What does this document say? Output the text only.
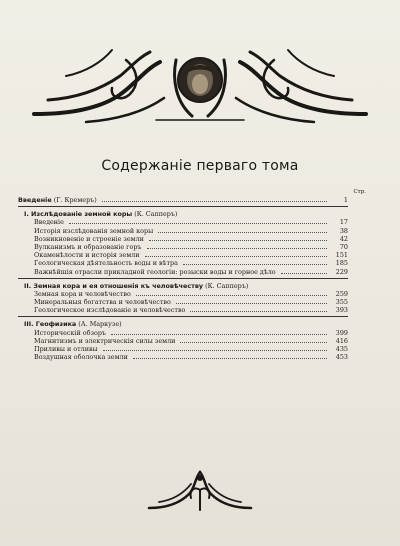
Содержаніе перваго тома
Стр.
Введеніе (Г. Кремеръ)	1
I. Изслѣдованіе земной коры (К. Сапперъ)
Введеніе	17
Исторія изслѣдованія земной коры	38
Возникновеніе и строеніе земли	42
Вулканизмъ и образованіе горъ	70
Окаменѣлости и исторія земли	151
Геологическая дѣятельность воды и вѣтра	185
Важнѣйшія отрасли прикладной геологіи: розыски воды и горное дѣло	229
II. Земная кора и ея отношенія къ человѣчеству (К. Сапперъ)
Земная кора и человѣчество	259
Минеральныя богатства и человѣчество	355
Геологическое изслѣдованіе и человѣчество	393
III. Геофизика (А. Маркузе)
Историческій обзоръ	399
Магнитизмъ и электрическія силы земли	416
Приливы и отливы	435
Воздушная оболочка земли	453
